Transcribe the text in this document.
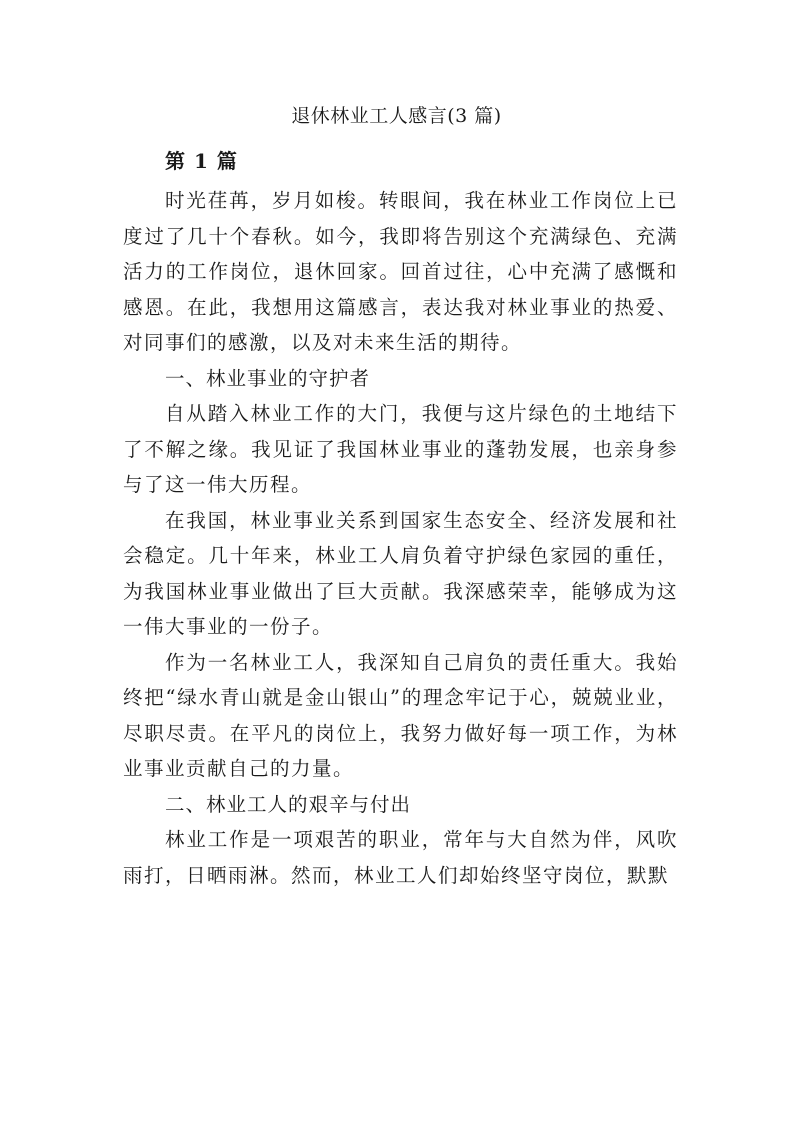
退休林业工人感言(3 篇)
第 1 篇

时光荏苒，岁月如梭。转眼间，我在林业工作岗位上已度过了几十个春秋。如今，我即将告别这个充满绿色、充满活力的工作岗位，退休回家。回首过往，心中充满了感慨和感恩。在此，我想用这篇感言，表达我对林业事业的热爱、对同事们的感激，以及对未来生活的期待。

一、林业事业的守护者

自从踏入林业工作的大门，我便与这片绿色的土地结下了不解之缘。我见证了我国林业事业的蓬勃发展，也亲身参与了这一伟大历程。

在我国，林业事业关系到国家生态安全、经济发展和社会稳定。几十年来，林业工人肩负着守护绿色家园的重任，为我国林业事业做出了巨大贡献。我深感荣幸，能够成为这一伟大事业的一份子。

作为一名林业工人，我深知自己肩负的责任重大。我始终把“绿水青山就是金山银山”的理念牢记于心，兢兢业业，尽职尽责。在平凡的岗位上，我努力做好每一项工作，为林业事业贡献自己的力量。

二、林业工人的艰辛与付出

林业工作是一项艰苦的职业，常年与大自然为伴，风吹雨打，日晒雨淋。然而，林业工人们却始终坚守岗位，默默
